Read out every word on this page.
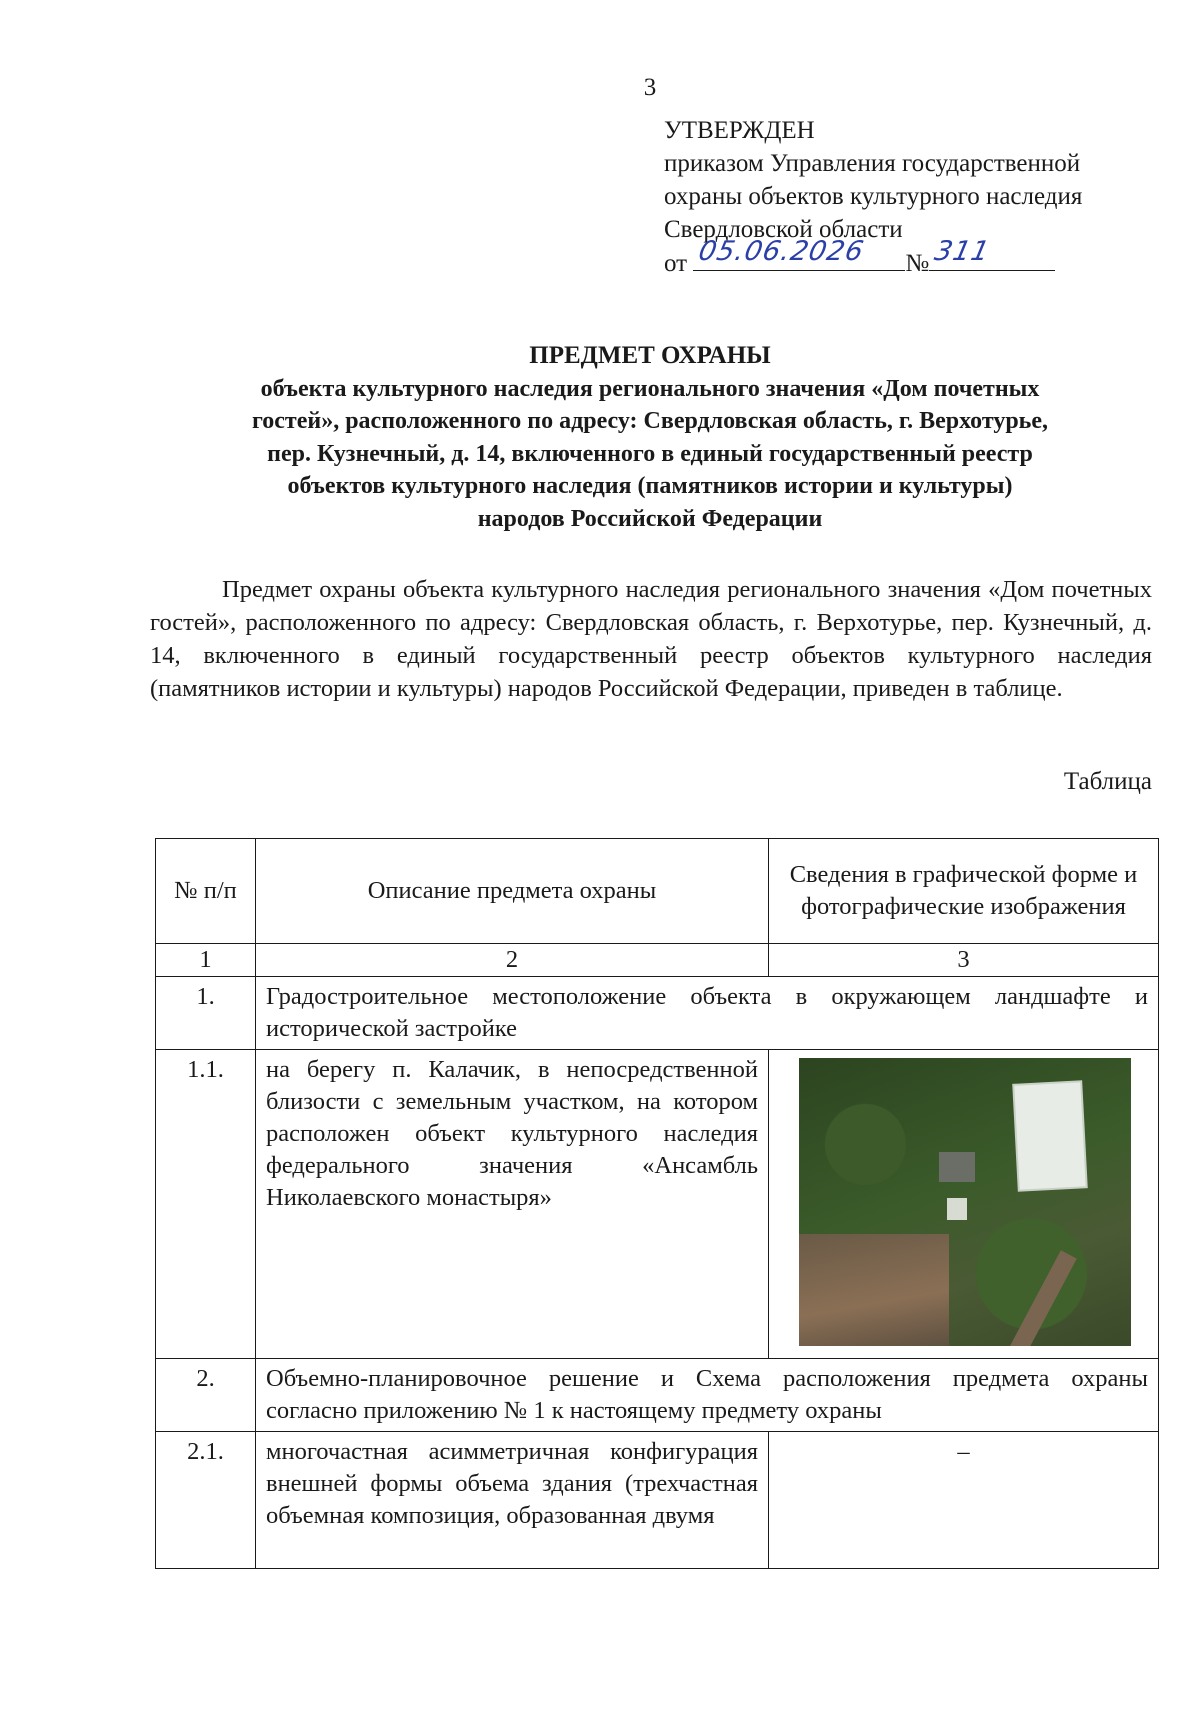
3
УТВЕРЖДЕН
приказом Управления государственной
охраны объектов культурного наследия
Свердловской области
от 05.06.2026 № 311
ПРЕДМЕТ ОХРАНЫ
объекта культурного наследия регионального значения «Дом почетных
гостей», расположенного по адресу: Свердловская область, г. Верхотурье,
пер. Кузнечный, д. 14, включенного в единый государственный реестр
объектов культурного наследия (памятников истории и культуры)
народов Российской Федерации
Предмет охраны объекта культурного наследия регионального значения «Дом почетных гостей», расположенного по адресу: Свердловская область, г. Верхотурье, пер. Кузнечный, д. 14, включенного в единый государственный реестр объектов культурного наследия (памятников истории и культуры) народов Российской Федерации, приведен в таблице.
Таблица
№ п/п	Описание предмета охраны	Сведения в графической форме и фотографические изображения
1	2	3
1.	Градостроительное местоположение объекта в окружающем ландшафте и исторической застройке	
1.1.	на берегу п. Калачик, в непосредственной близости с земельным участком, на котором расположен объект культурного наследия федерального значения «Ансамбль Николаевского монастыря»	

2.	Объемно-планировочное решение и Схема расположения предмета охраны согласно приложению № 1 к настоящему предмету охраны	
2.1.	многочастная асимметричная конфигурация внешней формы объема здания (трехчастная объемная композиция, образованная двумя	–
